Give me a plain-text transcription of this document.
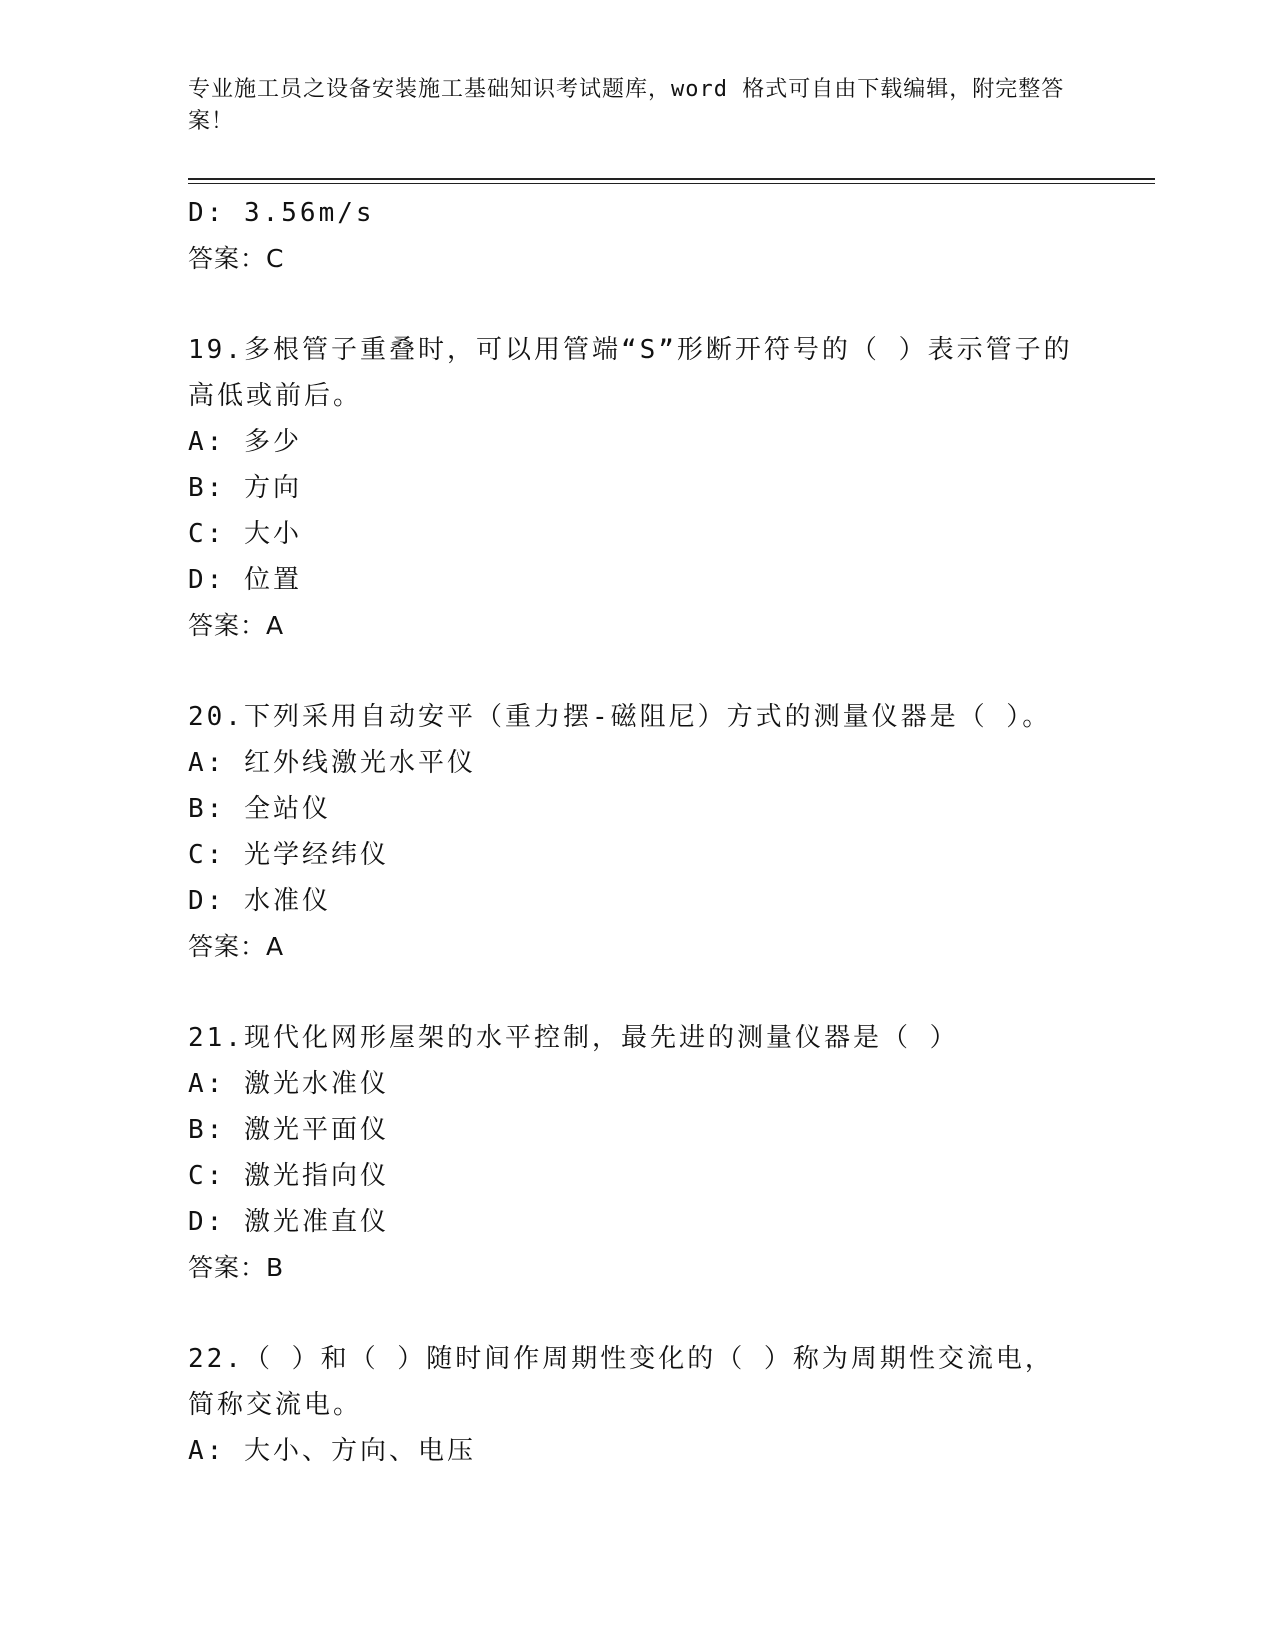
专业施工员之设备安装施工基础知识考试题库，word 格式可自由下载编辑，附完整答案！
D: 3.56m/s
答案：C
19.多根管子重叠时，可以用管端“S”形断开符号的（ ）表示管子的高低或前后。
A: 多少
B: 方向
C: 大小
D: 位置
答案：A
20.下列采用自动安平（重力摆-磁阻尼）方式的测量仪器是（ ）。
A: 红外线激光水平仪
B: 全站仪
C: 光学经纬仪
D: 水准仪
答案：A
21.现代化网形屋架的水平控制，最先进的测量仪器是（ ）
A: 激光水准仪
B: 激光平面仪
C: 激光指向仪
D: 激光准直仪
答案：B
22.（ ）和（ ）随时间作周期性变化的（ ）称为周期性交流电，简称交流电。
A: 大小、方向、电压
